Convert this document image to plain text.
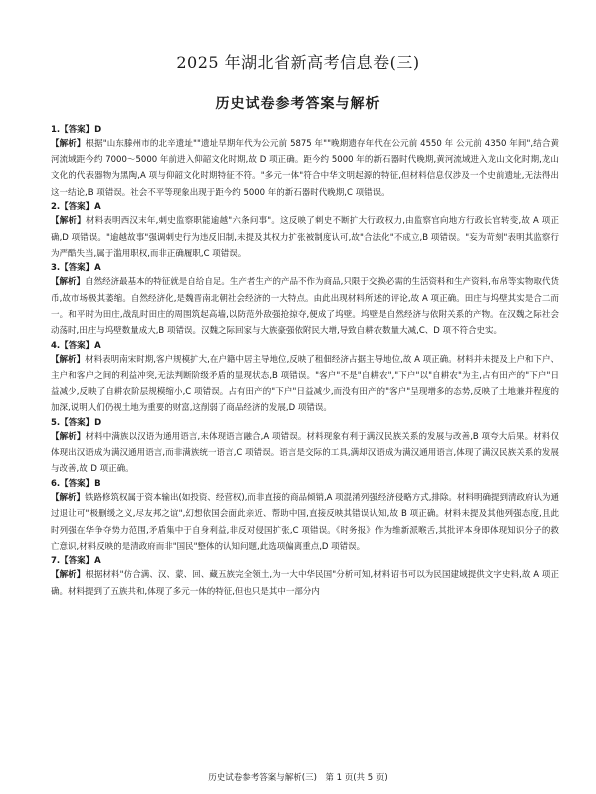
2025 年湖北省新高考信息卷(三)
历史试卷参考答案与解析
1.【答案】D
【解析】根据"山东滕州市的北辛遗址""遗址早期年代为公元前 5875 年""晚期遗存年代在公元前 4550 年 公元前 4350 年间",结合黄河流域距今约 7000～5000 年前进入仰韶文化时期,故 D 项正确。距今约 5000 年的新石器时代晚期,黄河流域进入龙山文化时期,龙山文化的代表器物为黑陶,A 项与仰韶文化时期特征不符。"多元一体"符合中华文明起源的特征,但材料信息仅涉及一个史前遗址,无法得出这一结论,B 项错误。社会不平等现象出现于距今约 5000 年的新石器时代晚期,C 项错误。
2.【答案】A
【解析】材料表明西汉末年,刺史监察职能逾越"六条问事"。这反映了刺史不断扩大行政权力,由监察官向地方行政长官转变,故 A 项正确,D 项错误。"逾越故事"强调刺史行为违反旧制,未提及其权力扩张被制度认可,故"合法化"不成立,B 项错误。"妄为苛刻"表明其监察行为严酷失当,属于滥用职权,而非正确履职,C 项错误。
3.【答案】A
【解析】自然经济最基本的特征就是自给自足。生产者生产的产品不作为商品,只限于交换必需的生活资料和生产资料,布帛等实物取代货币,故市场极其萎缩。自然经济化,是魏晋南北朝社会经济的一大特点。由此出现材料所述的评论,故 A 项正确。田庄与坞壁其实是合二而一。和平时为田庄,战乱时田庄的周围筑起高墙,以防范外敌强抢掠夺,便成了坞壁。坞壁是自然经济与依附关系的产物。在汉魏之际社会动荡时,田庄与坞壁数量成大,B 项错误。汉魏之际回家与大族豪强依附民大增,导致自耕农数量大减,C、D 项不符合史实。
4.【答案】A
【解析】材料表明南宋时期,客户规模扩大,在户籍中居主导地位,反映了租佃经济占据主导地位,故 A 项正确。材料并未提及上户和下户、主户和客户之间的利益冲突,无法判断阶级矛盾的显现状态,B 项错误。"客户"不是"自耕农","下户"以"自耕农"为主,占有田产的"下户"日益减少,反映了自耕农阶层规模缩小,C 项错误。占有田产的"下户"日益减少,而没有田产的"客户"呈现增多的态势,反映了土地兼并程度的加深,说明人们仍视土地为重要的财富,这削弱了商品经济的发展,D 项错误。
5.【答案】D
【解析】材料中满族以汉语为通用语言,未体现语言融合,A 项错误。材料现象有利于满汉民族关系的发展与改善,B 项夸大后果。材料仅体现出汉语成为满汉通用语言,而非满族统一语言,C 项错误。语言是交际的工具,满却汉语成为满汉通用语言,体现了满汉民族关系的发展与改善,故 D 项正确。
6.【答案】B
【解析】铁路修筑权属于资本输出(如投资、经营权),而非直接的商品倾销,A 项混淆列强经济侵略方式,排除。材料明确提到清政府认为通过退让可"极删缓之义,尽友邦之谊",幻想依国会面此亲近、帮助中国,直接反映其错误认知,故 B 项正确。材料未提及其他列强态度,且此时列强在华争夺势力范围,矛盾集中于自身利益,非反对侵国扩张,C 项错误。《时务报》作为维新派喉舌,其批评本身即体现知识分子的救亡意识,材料反映的是清政府而非"国民"整体的认知问题,此选项偏离重点,D 项错误。
7.【答案】A
【解析】根据材料"仿合满、汉、蒙、回、藏五族完全领土,为一大中华民国"分析可知,材料诏书可以为民国建域提供文字史料,故 A 项正确。材料提到了五族共和,体现了多元一体的特征,但也只是其中一部分内
历史试卷参考答案与解析(三)　第 1 页(共 5 页)
